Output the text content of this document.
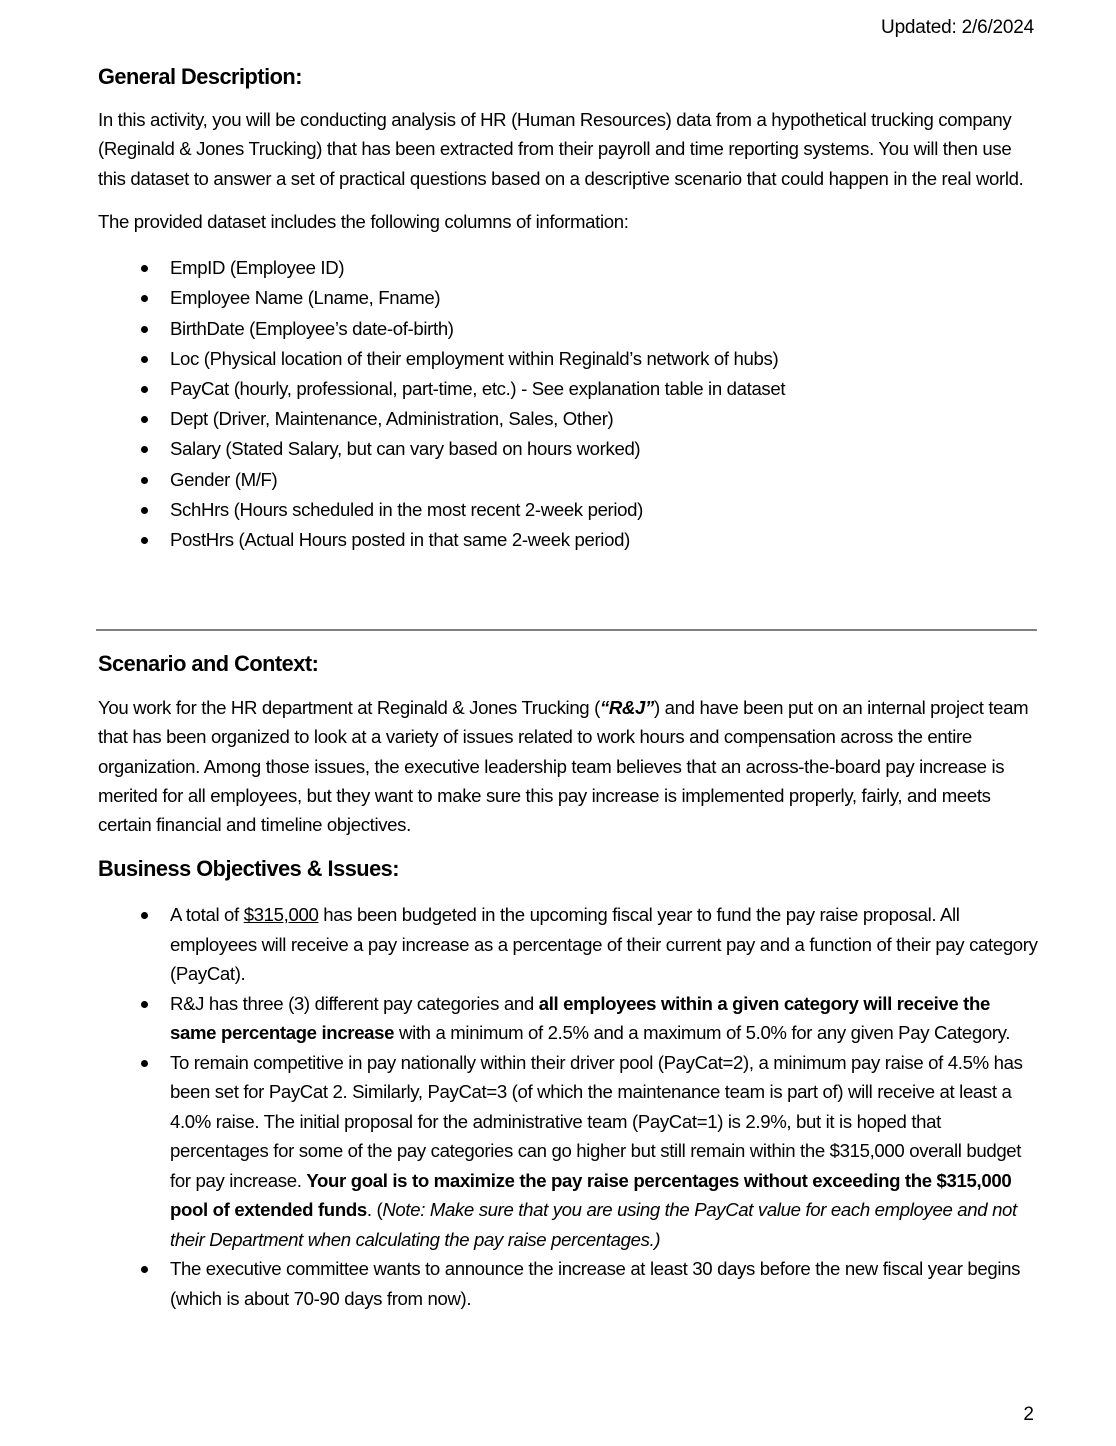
Updated: 2/6/2024
General Description:

In this activity, you will be conducting analysis of HR (Human Resources) data from a hypothetical trucking company (Reginald & Jones Trucking) that has been extracted from their payroll and time reporting systems. You will then use this dataset to answer a set of practical questions based on a descriptive scenario that could happen in the real world.

The provided dataset includes the following columns of information:

EmpID (Employee ID)
Employee Name (Lname, Fname)
BirthDate (Employee’s date-of-birth)
Loc (Physical location of their employment within Reginald’s network of hubs)
PayCat (hourly, professional, part-time, etc.) - See explanation table in dataset
Dept (Driver, Maintenance, Administration, Sales, Other)
Salary (Stated Salary, but can vary based on hours worked)
Gender (M/F)
SchHrs (Hours scheduled in the most recent 2-week period)
PostHrs (Actual Hours posted in that same 2-week period)
Scenario and Context:

You work for the HR department at Reginald & Jones Trucking (“R&J”) and have been put on an internal project team that has been organized to look at a variety of issues related to work hours and compensation across the entire organization. Among those issues, the executive leadership team believes that an across-the-board pay increase is merited for all employees, but they want to make sure this pay increase is implemented properly, fairly, and meets certain financial and timeline objectives.

Business Objectives & Issues:
A total of $315,000 has been budgeted in the upcoming fiscal year to fund the pay raise proposal. All employees will receive a pay increase as a percentage of their current pay and a function of their pay category (PayCat).
R&J has three (3) different pay categories and all employees within a given category will receive the same percentage increase with a minimum of 2.5% and a maximum of 5.0% for any given Pay Category.
To remain competitive in pay nationally within their driver pool (PayCat=2), a minimum pay raise of 4.5% has been set for PayCat 2. Similarly, PayCat=3 (of which the maintenance team is part of) will receive at least a 4.0% raise. The initial proposal for the administrative team (PayCat=1) is 2.9%, but it is hoped that percentages for some of the pay categories can go higher but still remain within the $315,000 overall budget for pay increase. Your goal is to maximize the pay raise percentages without exceeding the $315,000 pool of extended funds. (Note: Make sure that you are using the PayCat value for each employee and not their Department when calculating the pay raise percentages.)
The executive committee wants to announce the increase at least 30 days before the new fiscal year begins (which is about 70-90 days from now).
2
